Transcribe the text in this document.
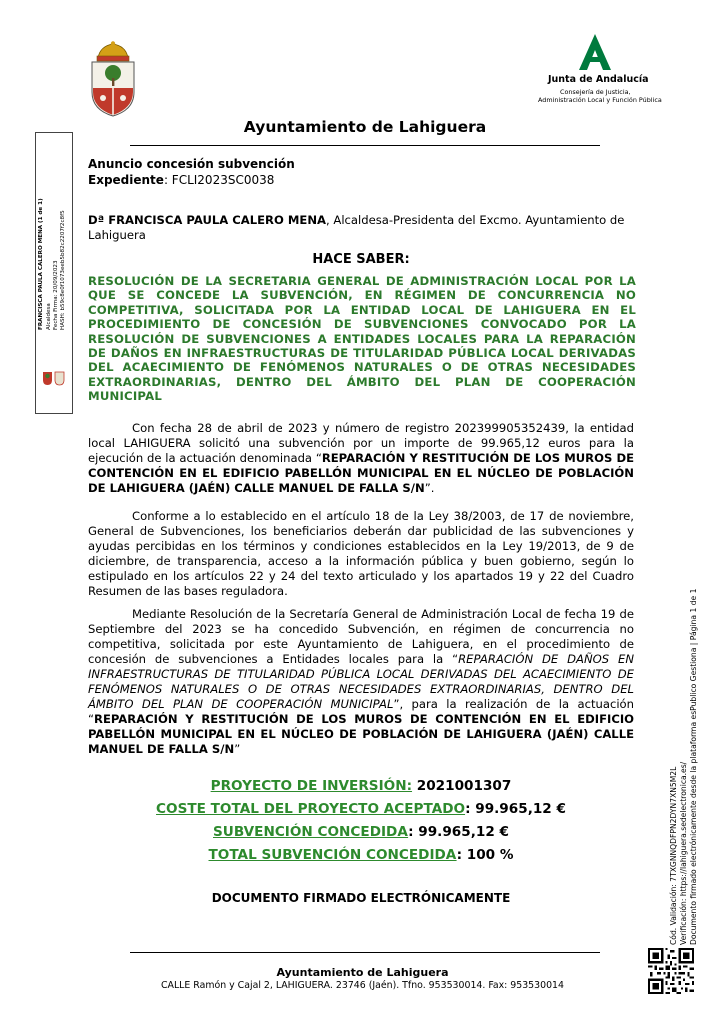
Junta de Andalucía
Consejería de Justicia,
Administración Local y Función Pública
Ayuntamiento de Lahiguera
FRANCISCA PAULA CALERO MENA (1 de 1) Alcaldesa Fecha Firma: 20/09/2023 HASH: b59c8e0f1073eeb5b82c2207f2c8f5
Cód. Validación: 7TXGNNQDFPN2DYN7XN5M2L Verificación: https://lahiguera.sedelectronica.es/ Documento firmado electrónicamente desde la plataforma esPublico Gestiona | Página 1 de 1
Anuncio concesión subvención
Expediente: FCLI2023SC0038
Dª FRANCISCA PAULA CALERO MENA, Alcaldesa-Presidenta del Excmo. Ayuntamiento de Lahiguera
HACE SABER:
RESOLUCIÓN DE LA SECRETARIA GENERAL DE ADMINISTRACIÓN LOCAL POR LA QUE SE CONCEDE LA SUBVENCIÓN, EN RÉGIMEN DE CONCURRENCIA NO COMPETITIVA, SOLICITADA POR LA ENTIDAD LOCAL DE LAHIGUERA EN EL PROCEDIMIENTO DE CONCESIÓN DE SUBVENCIONES CONVOCADO POR LA RESOLUCIÓN DE SUBVENCIONES A ENTIDADES LOCALES PARA LA REPARACIÓN DE DAÑOS EN INFRAESTRUCTURAS DE TITULARIDAD PÚBLICA LOCAL DERIVADAS DEL ACAECIMIENTO DE FENÓMENOS NATURALES O DE OTRAS NECESIDADES EXTRAORDINARIAS, DENTRO DEL ÁMBITO DEL PLAN DE COOPERACIÓN MUNICIPAL
Con fecha 28 de abril de 2023 y número de registro 202399905352439, la entidad local LAHIGUERA solicitó una subvención por un importe de 99.965,12 euros para la ejecución de la actuación denominada “REPARACIÓN Y RESTITUCIÓN DE LOS MUROS DE CONTENCIÓN EN EL EDIFICIO PABELLÓN MUNICIPAL EN EL NÚCLEO DE POBLACIÓN DE LAHIGUERA (JAÉN) CALLE MANUEL DE FALLA S/N”.
Conforme a lo establecido en el artículo 18 de la Ley 38/2003, de 17 de noviembre, General de Subvenciones, los beneficiarios deberán dar publicidad de las subvenciones y ayudas percibidas en los términos y condiciones establecidos en la Ley 19/2013, de 9 de diciembre, de transparencia, acceso a la información pública y buen gobierno, según lo estipulado en los artículos 22 y 24 del texto articulado y los apartados 19 y 22 del Cuadro Resumen de las bases reguladora.
Mediante Resolución de la Secretaría General de Administración Local de fecha 19 de Septiembre del 2023 se ha concedido Subvención, en régimen de concurrencia no competitiva, solicitada por este Ayuntamiento de Lahiguera, en el procedimiento de concesión de subvenciones a Entidades locales para la “REPARACIÓN DE DAÑOS EN INFRAESTRUCTURAS DE TITULARIDAD PÚBLICA LOCAL DERIVADAS DEL ACAECIMIENTO DE FENÓMENOS NATURALES O DE OTRAS NECESIDADES EXTRAORDINARIAS, DENTRO DEL ÁMBITO DEL PLAN DE COOPERACIÓN MUNICIPAL”, para la realización de la actuación “REPARACIÓN Y RESTITUCIÓN DE LOS MUROS DE CONTENCIÓN EN EL EDIFICIO PABELLÓN MUNICIPAL EN EL NÚCLEO DE POBLACIÓN DE LAHIGUERA (JAÉN) CALLE MANUEL DE FALLA S/N”
PROYECTO DE INVERSIÓN: 2021001307
COSTE TOTAL DEL PROYECTO ACEPTADO: 99.965,12 €
SUBVENCIÓN CONCEDIDA: 99.965,12 €
TOTAL SUBVENCIÓN CONCEDIDA: 100 %
DOCUMENTO FIRMADO ELECTRÓNICAMENTE
Ayuntamiento de Lahiguera
CALLE Ramón y Cajal 2, LAHIGUERA. 23746 (Jaén). Tfno. 953530014. Fax: 953530014
